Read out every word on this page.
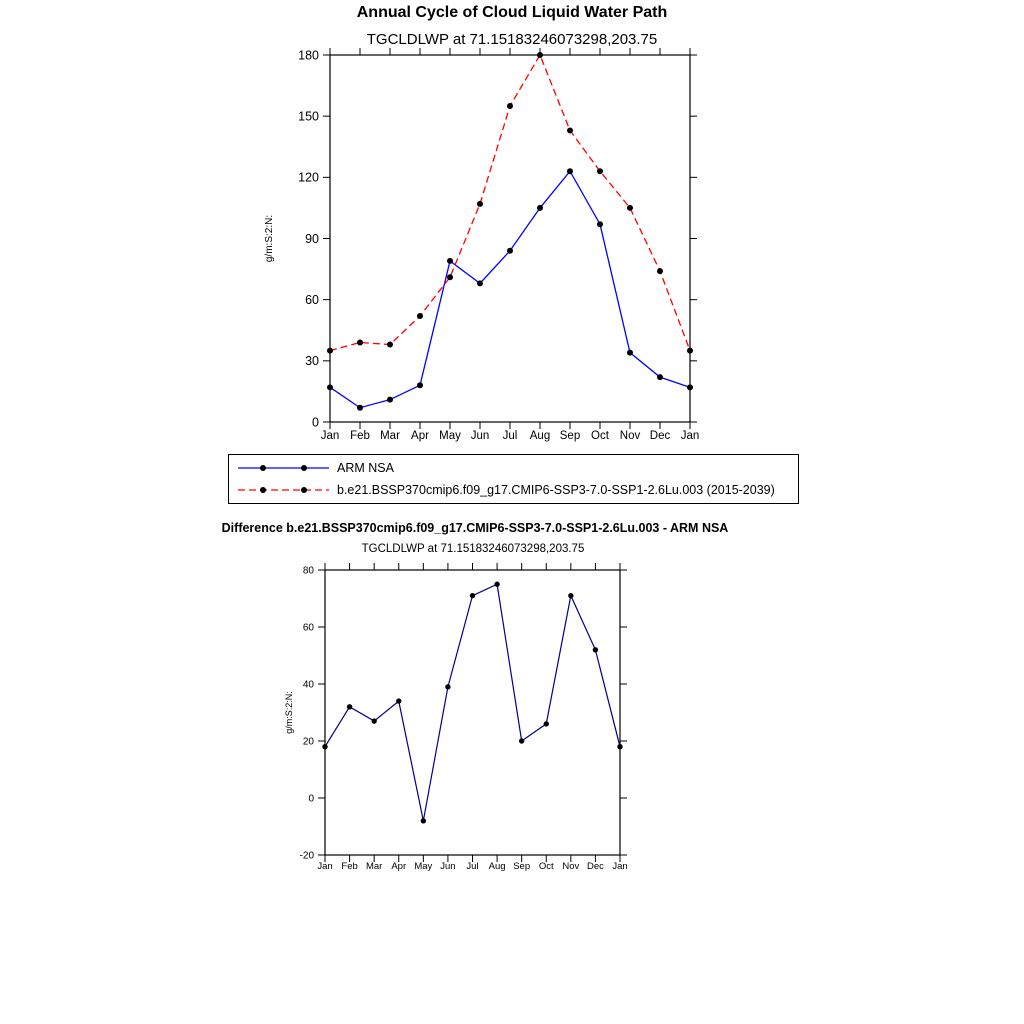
Annual Cycle of Cloud Liquid Water Path
TGCLDLWP at 71.15183246073298,203.75
0
30
60
90
120
150
180
Jan Feb Mar Apr May Jun Jul Aug Sep Oct Nov Dec Jan
g/m:S:2:N:
ARM NSA
b.e21.BSSP370cmip6.f09_g17.CMIP6-SSP3-7.0-SSP1-2.6Lu.003 (2015-2039)
Difference b.e21.BSSP370cmip6.f09_g17.CMIP6-SSP3-7.0-SSP1-2.6Lu.003 - ARM NSA
TGCLDLWP at 71.15183246073298,203.75
-20
0
20
40
60
80
Jan Feb Mar Apr May Jun Jul Aug Sep Oct Nov Dec Jan
g/m:S:2:N:
